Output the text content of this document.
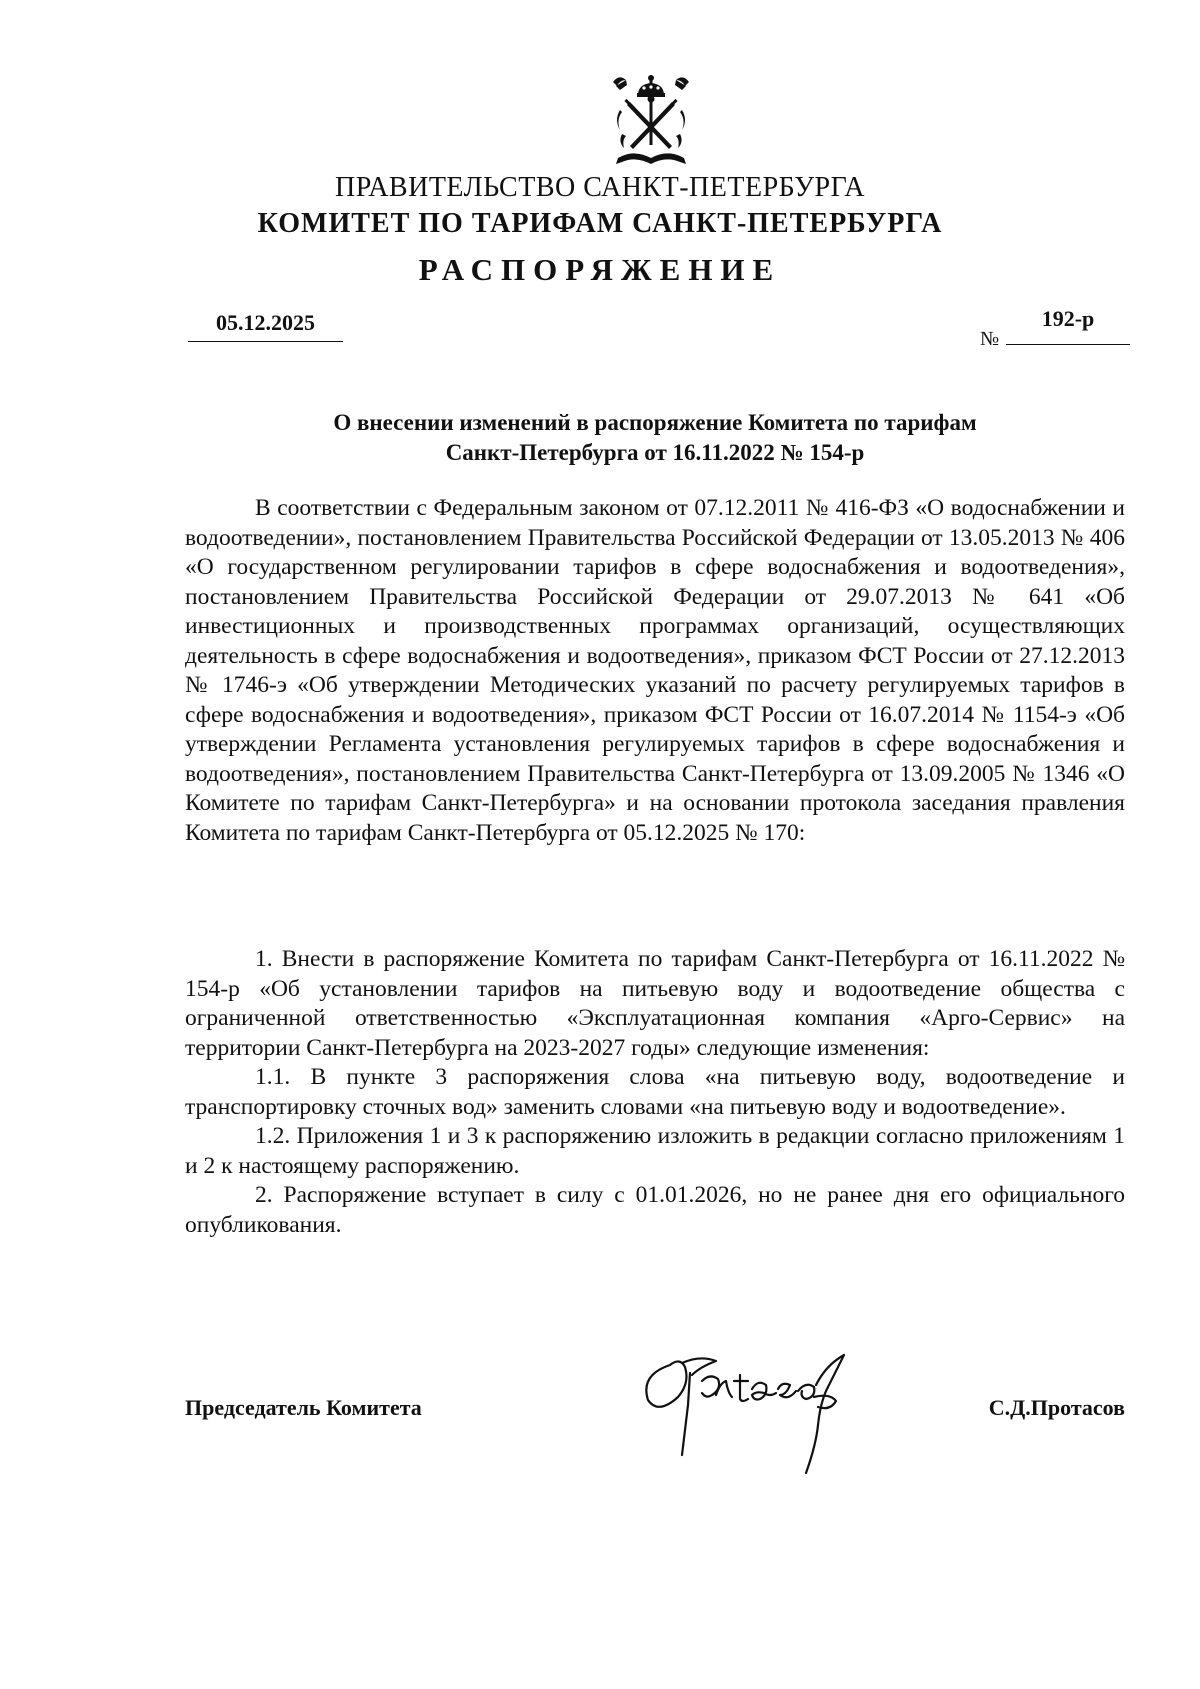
ПРАВИТЕЛЬСТВО САНКТ-ПЕТЕРБУРГА
КОМИТЕТ ПО ТАРИФАМ САНКТ-ПЕТЕРБУРГА
РАСПОРЯЖЕНИЕ
05.12.2025
№
192-р
О внесении изменений в распоряжение Комитета по тарифам
Санкт-Петербурга от 16.11.2022 № 154-р

В соответствии с Федеральным законом от 07.12.2011 № 416-ФЗ «О водоснабжении и водоотведении», постановлением Правительства Российской Федерации от 13.05.2013 № 406 «О государственном регулировании тарифов в сфере водоснабжения и водоотведения», постановлением Правительства Российской Федерации от 29.07.2013 № 641 «Об инвестиционных и производственных программах организаций, осуществляющих деятельность в сфере водоснабжения и водоотведения», приказом ФСТ России от 27.12.2013 № 1746-э «Об утверждении Методических указаний по расчету регулируемых тарифов в сфере водоснабжения и водоотведения», приказом ФСТ России от 16.07.2014 № 1154-э «Об утверждении Регламента установления регулируемых тарифов в сфере водоснабжения и водоотведения», постановлением Правительства Санкт-Петербурга от 13.09.2005 № 1346 «О Комитете по тарифам Санкт-Петербурга» и на основании протокола заседания правления Комитета по тарифам Санкт-Петербурга от 05.12.2025 № 170:

1. Внести в распоряжение Комитета по тарифам Санкт-Петербурга от 16.11.2022 № 154-р «Об установлении тарифов на питьевую воду и водоотведение общества с ограниченной ответственностью «Эксплуатационная компания «Арго-Сервис» на территории Санкт-Петербурга на 2023-2027 годы» следующие изменения:

1.1. В пункте 3 распоряжения слова «на питьевую воду, водоотведение и транспортировку сточных вод» заменить словами «на питьевую воду и водоотведение».

1.2. Приложения 1 и 3 к распоряжению изложить в редакции согласно приложениям 1 и 2 к настоящему распоряжению.

2. Распоряжение вступает в силу с 01.01.2026, но не ранее дня его официального опубликования.

Председатель Комитета	С.Д.Протасов
